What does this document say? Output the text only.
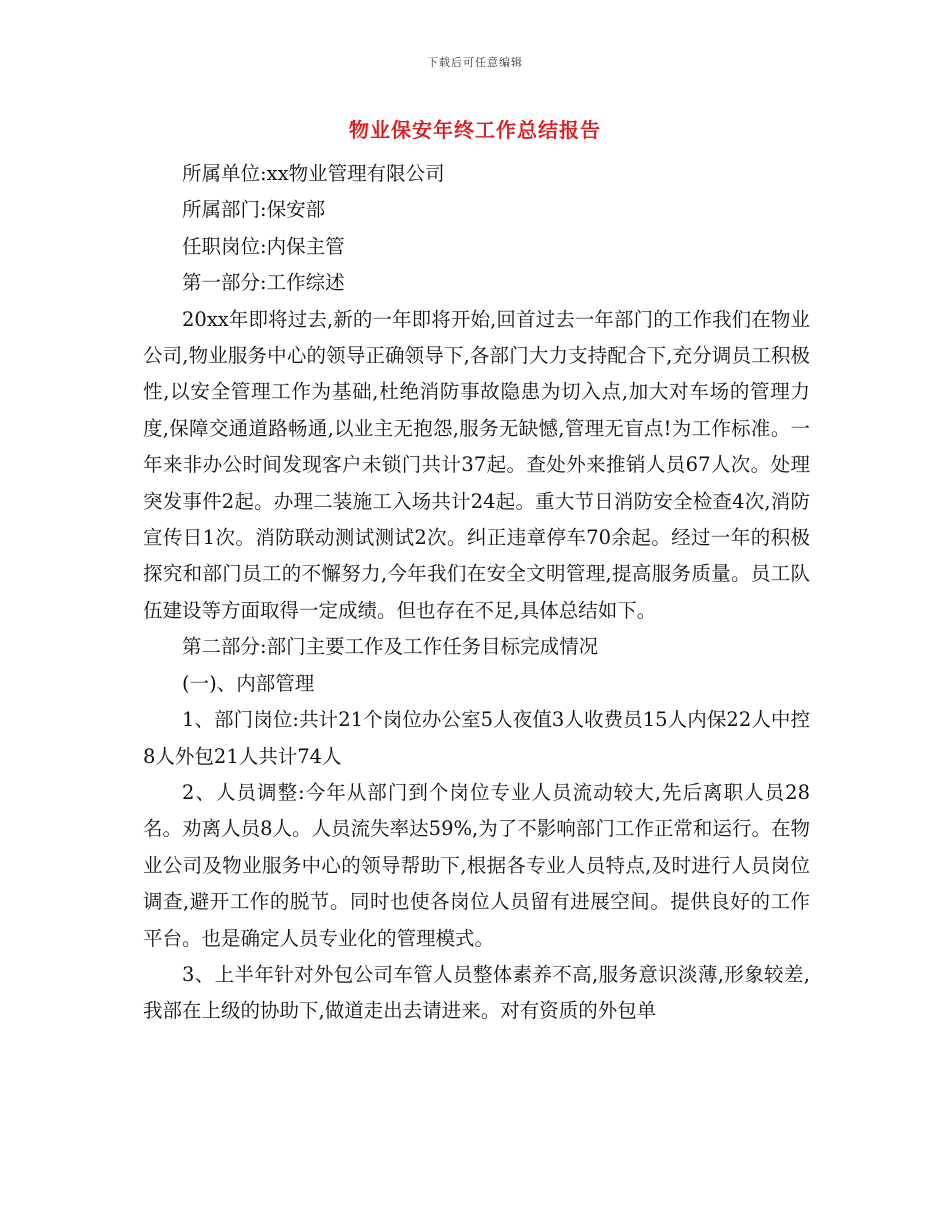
下载后可任意编辑
物业保安年终工作总结报告

所属单位:xx物业管理有限公司

所属部门:保安部

任职岗位:内保主管

第一部分:工作综述

20xx年即将过去,新的一年即将开始,回首过去一年部门的工作我们在物业公司,物业服务中心的领导正确领导下,各部门大力支持配合下,充分调员工积极性,以安全管理工作为基础,杜绝消防事故隐患为切入点,加大对车场的管理力度,保障交通道路畅通,以业主无抱怨,服务无缺憾,管理无盲点!为工作标准。一年来非办公时间发现客户未锁门共计37起。查处外来推销人员67人次。处理突发事件2起。办理二装施工入场共计24起。重大节日消防安全检查4次,消防宣传日1次。消防联动测试测试2次。纠正违章停车70余起。经过一年的积极探究和部门员工的不懈努力,今年我们在安全文明管理,提高服务质量。员工队伍建设等方面取得一定成绩。但也存在不足,具体总结如下。

第二部分:部门主要工作及工作任务目标完成情况

(一)、内部管理

1、部门岗位:共计21个岗位办公室5人夜值3人收费员15人内保22人中控8人外包21人共计74人

2、人员调整:今年从部门到个岗位专业人员流动较大,先后离职人员28名。劝离人员8人。人员流失率达59%,为了不影响部门工作正常和运行。在物业公司及物业服务中心的领导帮助下,根据各专业人员特点,及时进行人员岗位调查,避开工作的脱节。同时也使各岗位人员留有进展空间。提供良好的工作平台。也是确定人员专业化的管理模式。

3、上半年针对外包公司车管人员整体素养不高,服务意识淡薄,形象较差,我部在上级的协助下,做道走出去请进来。对有资质的外包单
